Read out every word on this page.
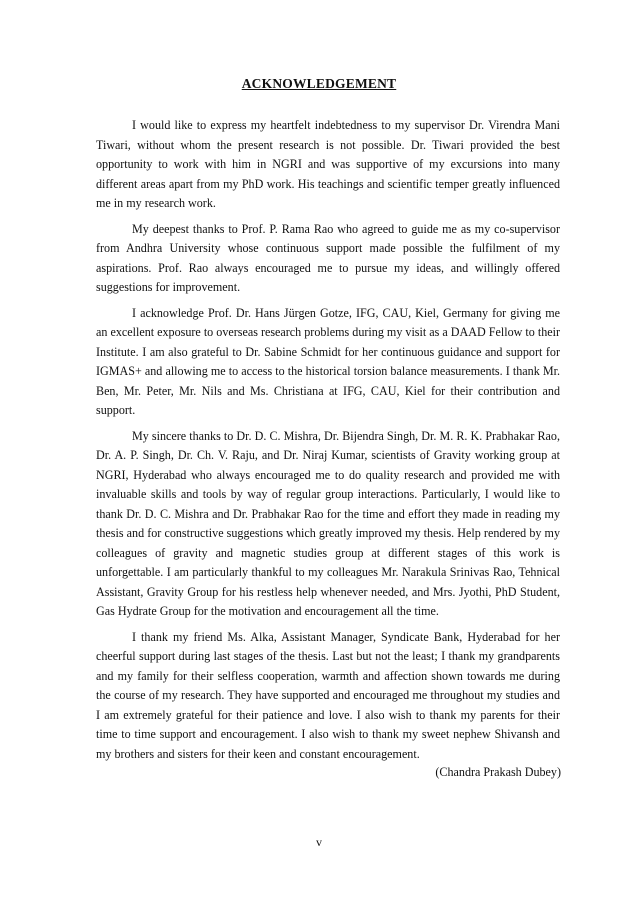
ACKNOWLEDGEMENT

I would like to express my heartfelt indebtedness to my supervisor Dr. Virendra Mani Tiwari, without whom the present research is not possible. Dr. Tiwari provided the best opportunity to work with him in NGRI and was supportive of my excursions into many different areas apart from my PhD work. His teachings and scientific temper greatly influenced me in my research work.

My deepest thanks to Prof. P. Rama Rao who agreed to guide me as my co-supervisor from Andhra University whose continuous support made possible the fulfilment of my aspirations. Prof. Rao always encouraged me to pursue my ideas, and willingly offered suggestions for improvement.

I acknowledge Prof. Dr. Hans Jürgen Gotze, IFG, CAU, Kiel, Germany for giving me an excellent exposure to overseas research problems during my visit as a DAAD Fellow to their Institute. I am also grateful to Dr. Sabine Schmidt for her continuous guidance and support for IGMAS+ and allowing me to access to the historical torsion balance measurements. I thank Mr. Ben, Mr. Peter, Mr. Nils and Ms. Christiana at IFG, CAU, Kiel for their contribution and support.

My sincere thanks to Dr. D. C. Mishra, Dr. Bijendra Singh, Dr. M. R. K. Prabhakar Rao, Dr. A. P. Singh, Dr. Ch. V. Raju, and Dr. Niraj Kumar, scientists of Gravity working group at NGRI, Hyderabad who always encouraged me to do quality research and provided me with invaluable skills and tools by way of regular group interactions. Particularly, I would like to thank Dr. D. C. Mishra and Dr. Prabhakar Rao for the time and effort they made in reading my thesis and for constructive suggestions which greatly improved my thesis. Help rendered by my colleagues of gravity and magnetic studies group at different stages of this work is unforgettable. I am particularly thankful to my colleagues Mr. Narakula Srinivas Rao, Tehnical Assistant, Gravity Group for his restless help whenever needed, and Mrs. Jyothi, PhD Student, Gas Hydrate Group for the motivation and encouragement all the time.

I thank my friend Ms. Alka, Assistant Manager, Syndicate Bank, Hyderabad for her cheerful support during last stages of the thesis. Last but not the least; I thank my grandparents and my family for their selfless cooperation, warmth and affection shown towards me during the course of my research. They have supported and encouraged me throughout my studies and I am extremely grateful for their patience and love. I also wish to thank my parents for their time to time support and encouragement. I also wish to thank my sweet nephew Shivansh and my brothers and sisters for their keen and constant encouragement.

(Chandra Prakash Dubey)
v
